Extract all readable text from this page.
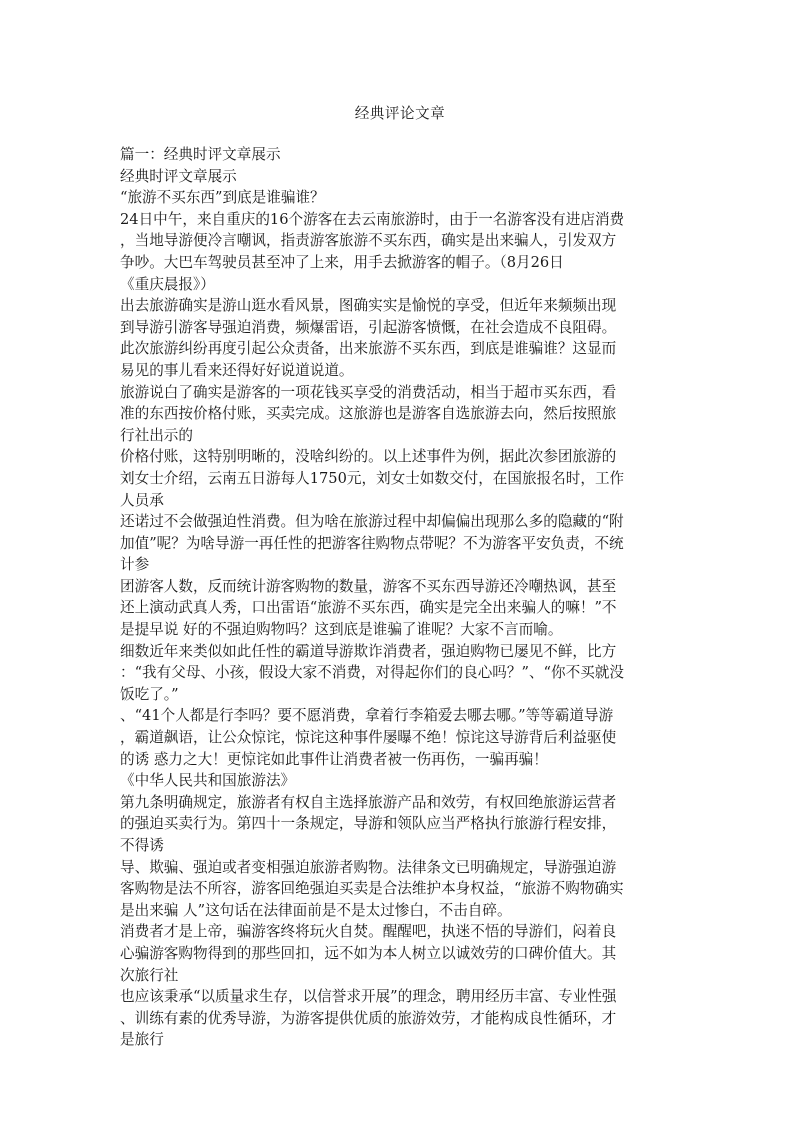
经典评论文章
篇一：经典时评文章展示
经典时评文章展示
“旅游不买东西”到底是谁骗谁？
24日中午，来自重庆的16个游客在去云南旅游时，由于一名游客没有进店消费
，当地导游便冷言嘲讽，指责游客旅游不买东西，确实是出来骗人，引发双方
争吵。大巴车驾驶员甚至冲了上来，用手去掀游客的帽子。（8月26日
《重庆晨报》）
出去旅游确实是游山逛水看风景，图确实实是愉悦的享受，但近年来频频出现
到导游引游客导强迫消费，频爆雷语，引起游客愤慨，在社会造成不良阻碍。
此次旅游纠纷再度引起公众责备，出来旅游不买东西，到底是谁骗谁？这显而
易见的事儿看来还得好好说道说道。
旅游说白了确实是游客的一项花钱买享受的消费活动，相当于超市买东西，看
准的东西按价格付账，买卖完成。这旅游也是游客自选旅游去向，然后按照旅
行社出示的
价格付账，这特别明晰的，没啥纠纷的。以上述事件为例，据此次参团旅游的
刘女士介绍，云南五日游每人1750元，刘女士如数交付，在国旅报名时，工作
人员承
还诺过不会做强迫性消费。但为啥在旅游过程中却偏偏出现那么多的隐藏的“附
加值”呢？为啥导游一再任性的把游客往购物点带呢？不为游客平安负责，不统
计参
团游客人数，反而统计游客购物的数量，游客不买东西导游还冷嘲热讽，甚至
还上演动武真人秀，口出雷语“旅游不买东西，确实是完全出来骗人的嘛！”不
是提早说 好的不强迫购物吗？这到底是谁骗了谁呢？大家不言而喻。
细数近年来类似如此任性的霸道导游欺诈消费者，强迫购物已屡见不鲜，比方
：“我有父母、小孩，假设大家不消费，对得起你们的良心吗？”、“你不买就没
饭吃了。”
、“41个人都是行李吗？要不愿消费，拿着行李箱爱去哪去哪。”等等霸道导游
，霸道飙语，让公众惊诧，惊诧这种事件屡曝不绝！惊诧这导游背后利益驱使
的诱 惑力之大！更惊诧如此事件让消费者被一伤再伤，一骗再骗！
《中华人民共和国旅游法》
第九条明确规定，旅游者有权自主选择旅游产品和效劳，有权回绝旅游运营者
的强迫买卖行为。第四十一条规定，导游和领队应当严格执行旅游行程安排，
不得诱
导、欺骗、强迫或者变相强迫旅游者购物。法律条文已明确规定，导游强迫游
客购物是法不所容，游客回绝强迫买卖是合法维护本身权益，“旅游不购物确实
是出来骗 人”这句话在法律面前是不是太过惨白，不击自碎。
消费者才是上帝，骗游客终将玩火自焚。醒醒吧，执迷不悟的导游们，闷着良
心骗游客购物得到的那些回扣，远不如为本人树立以诚效劳的口碑价值大。其
次旅行社
也应该秉承“以质量求生存，以信誉求开展”的理念，聘用经历丰富、专业性强
、训练有素的优秀导游，为游客提供优质的旅游效劳，才能构成良性循环，才
是旅行
